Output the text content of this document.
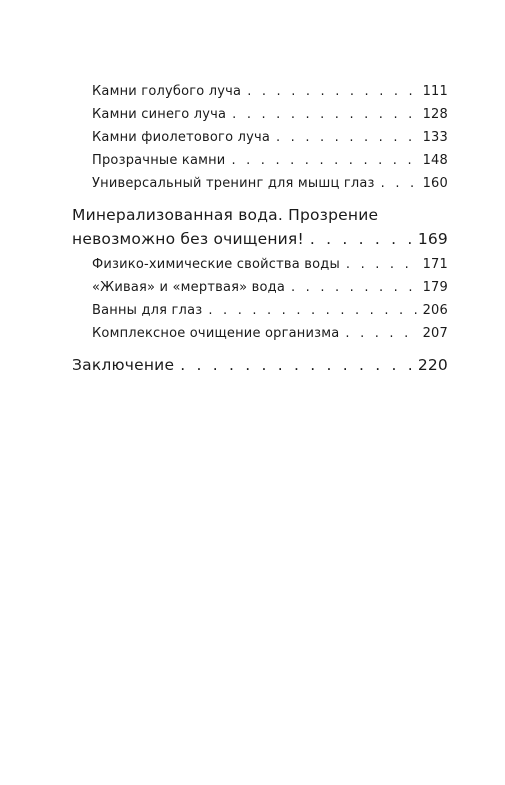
Камни голубого луча . . .	111
Камни синего луча . . .	128
Камни фиолетового луча . . .	133
Прозрачные камни . . .	148
Универсальный тренинг для мышц глаз . . .	160
Минерализованная вода. Прозрение
невозможно без очищения! . . .	169
Физико-химические свойства воды . . .	171
«Живая» и «мертвая» вода . . .	179
Ванны для глаз . . .	206
Комплексное очищение организма . . .	207
Заключение . . .	220
